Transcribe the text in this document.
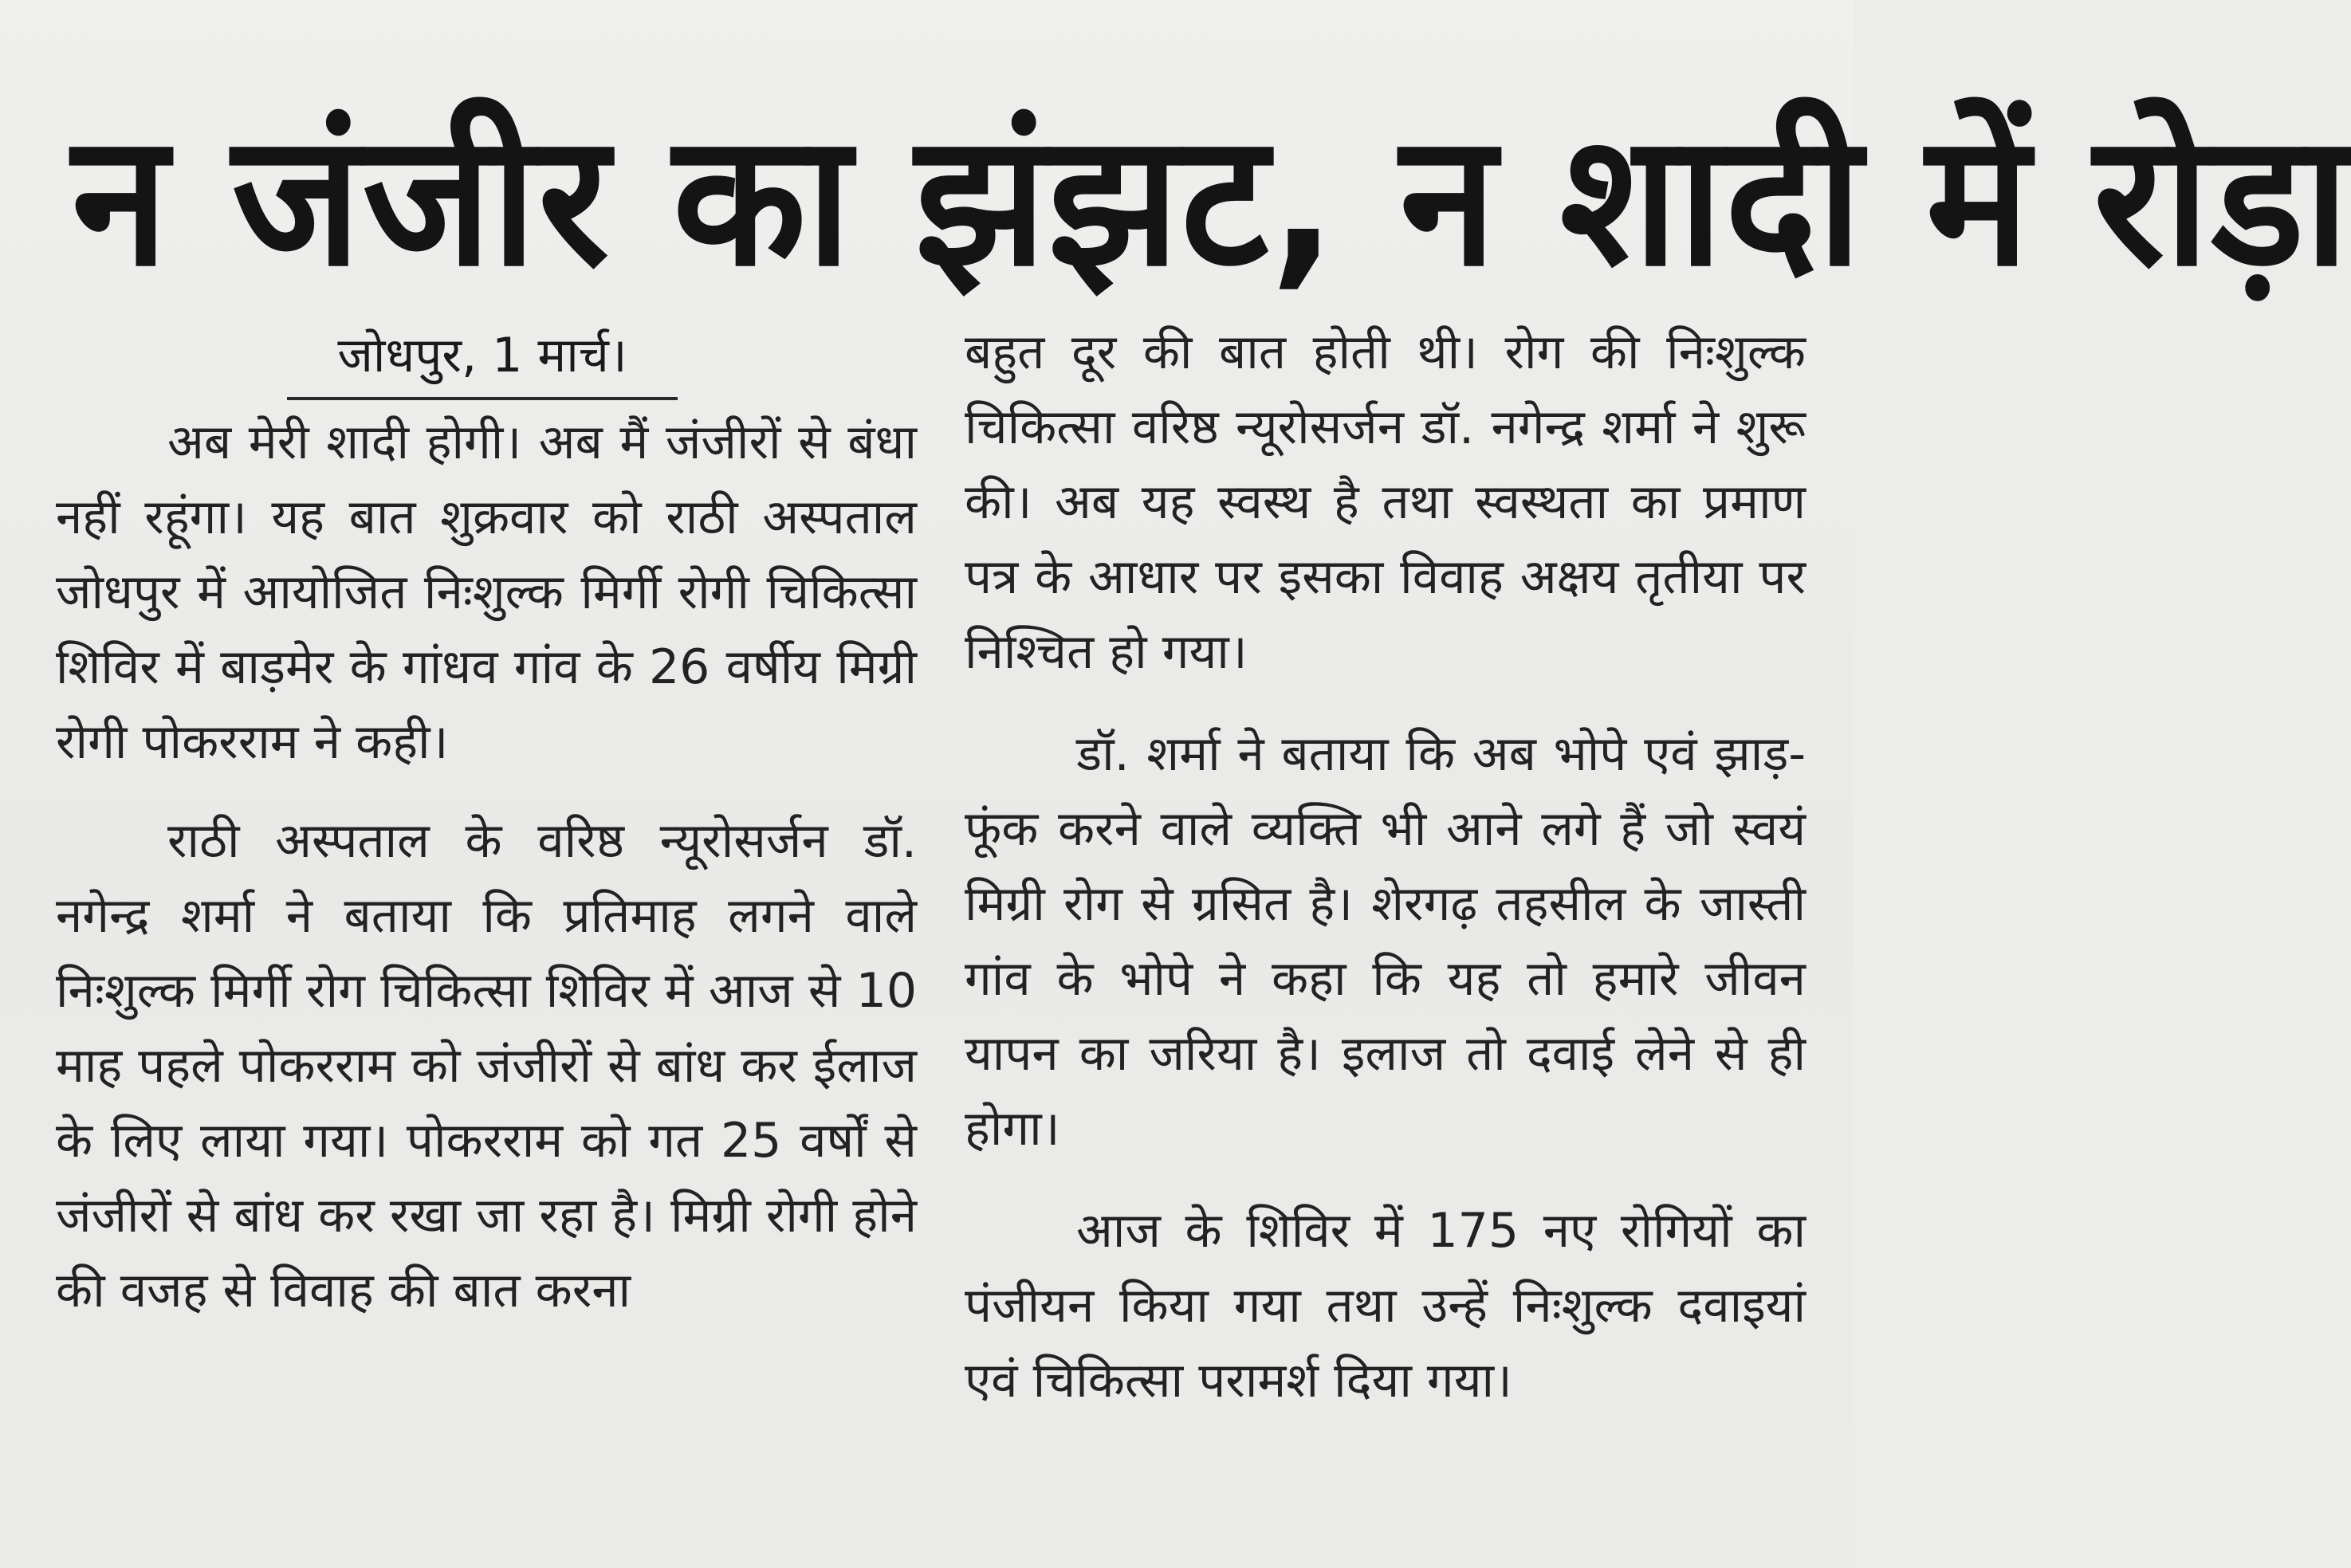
न जंजीर का झंझट, न शादी में रोड़ा
जोधपुर, 1 मार्च।

अब मेरी शादी होगी। अब मैं जंजीरों से बंधा नहीं रहूंगा। यह बात शुक्रवार को राठी अस्पताल जोधपुर में आयोजित निःशुल्क मिर्गी रोगी चिकित्सा शिविर में बाड़मेर के गांधव गांव के 26 वर्षीय मिग्री रोगी पोकरराम ने कही।

राठी अस्पताल के वरिष्ठ न्यूरोसर्जन डॉ. नगेन्द्र शर्मा ने बताया कि प्रतिमाह लगने वाले निःशुल्क मिर्गी रोग चिकित्सा शिविर में आज से 10 माह पहले पोकरराम को जंजीरों से बांध कर ईलाज के लिए लाया गया। पोकरराम को गत 25 वर्षों से जंजीरों से बांध कर रखा जा रहा है। मिग्री रोगी होने की वजह से विवाह की बात करना

बहुत दूर की बात होती थी। रोग की निःशुल्क चिकित्सा वरिष्ठ न्यूरोसर्जन डॉ. नगेन्द्र शर्मा ने शुरू की। अब यह स्वस्थ है तथा स्वस्थता का प्रमाण पत्र के आधार पर इसका विवाह अक्षय तृतीया पर निश्चित हो गया।

डॉ. शर्मा ने बताया कि अब भोपे एवं झाड़-फूंक करने वाले व्यक्ति भी आने लगे हैं जो स्वयं मिग्री रोग से ग्रसित है। शेरगढ़ तहसील के जास्ती गांव के भोपे ने कहा कि यह तो हमारे जीवन यापन का जरिया है। इलाज तो दवाई लेने से ही होगा।

आज के शिविर में 175 नए रोगियों का पंजीयन किया गया तथा उन्हें निःशुल्क दवाइयां एवं चिकित्सा परामर्श दिया गया।
